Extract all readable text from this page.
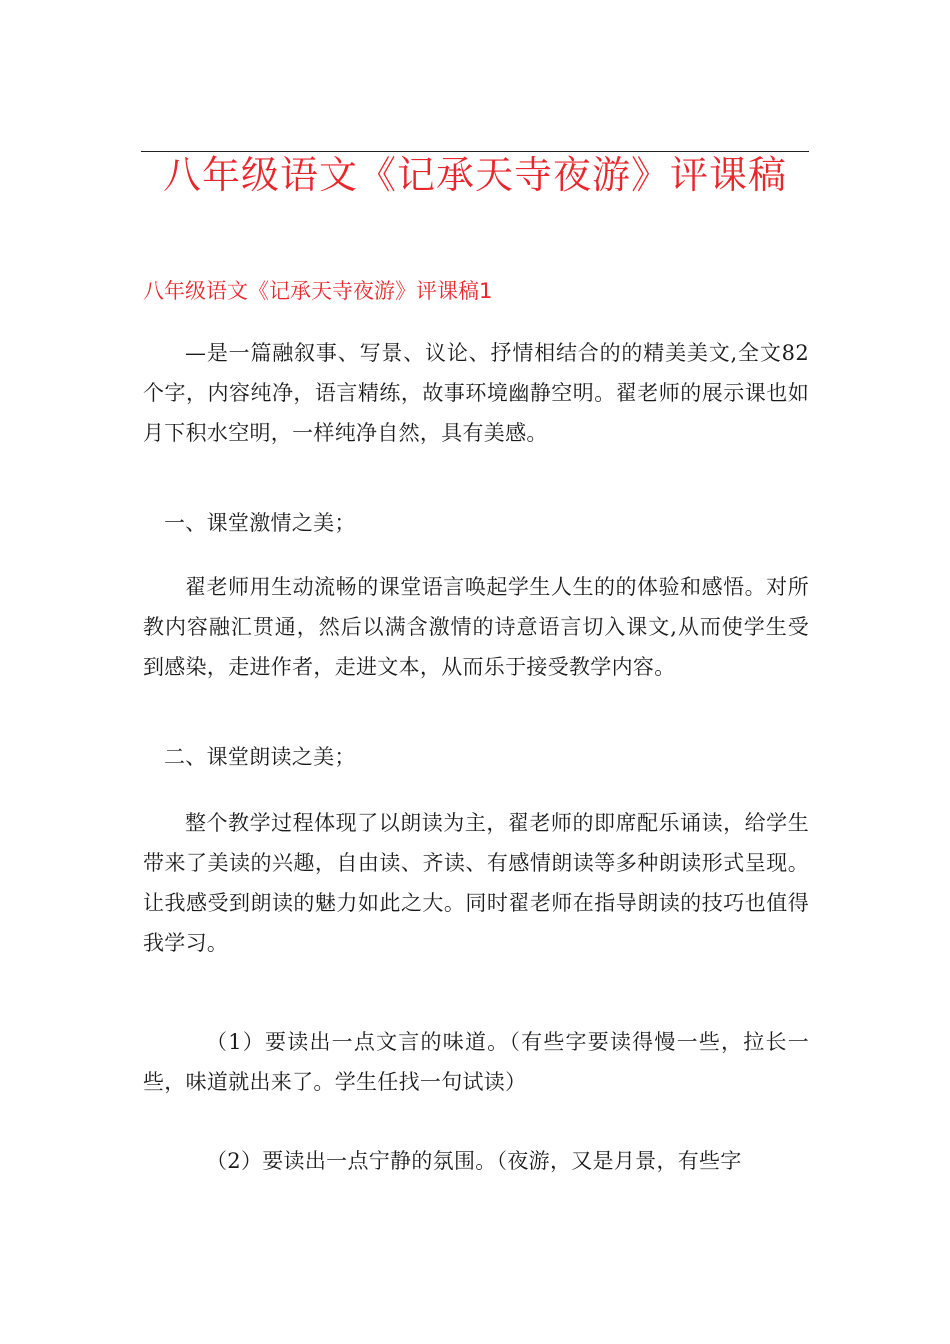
八年级语文《记承天寺夜游》评课稿
八年级语文《记承天寺夜游》评课稿1

—是一篇融叙事、写景、议论、抒情相结合的的精美美文,全文82个字，内容纯净，语言精练，故事环境幽静空明。翟老师的展示课也如月下积水空明，一样纯净自然，具有美感。

一、课堂激情之美；

翟老师用生动流畅的课堂语言唤起学生人生的的体验和感悟。对所教内容融汇贯通，然后以满含激情的诗意语言切入课文,从而使学生受到感染，走进作者，走进文本，从而乐于接受教学内容。

二、课堂朗读之美；

整个教学过程体现了以朗读为主，翟老师的即席配乐诵读，给学生带来了美读的兴趣，自由读、齐读、有感情朗读等多种朗读形式呈现。让我感受到朗读的魅力如此之大。同时翟老师在指导朗读的技巧也值得我学习。

（1）要读出一点文言的味道。（有些字要读得慢一些，拉长一些，味道就出来了。学生任找一句试读）

（2）要读出一点宁静的氛围。（夜游，又是月景，有些字
